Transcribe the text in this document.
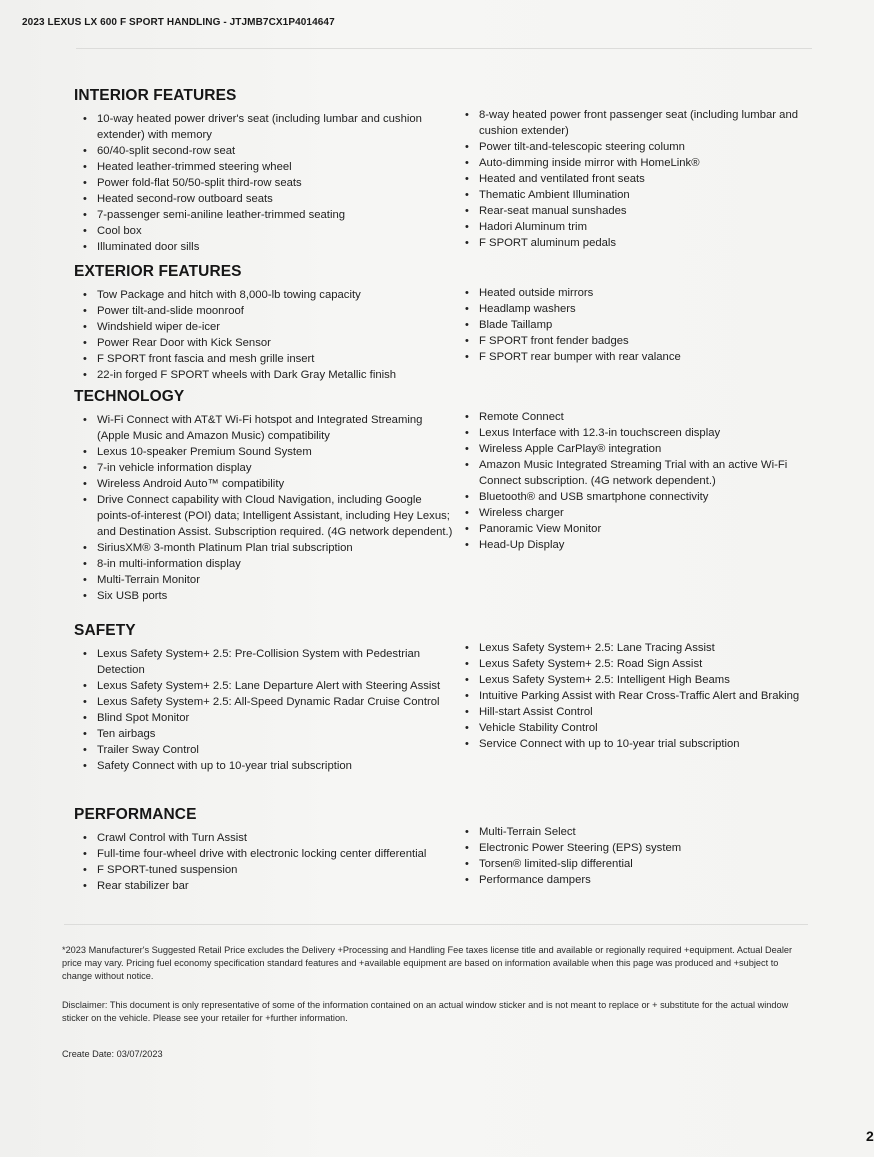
2023 LEXUS LX 600 F SPORT HANDLING - JTJMB7CX1P4014647
INTERIOR FEATURES
• 10-way heated power driver's seat (including lumbar and cushion extender) with memory
• 60/40-split second-row seat
• Heated leather-trimmed steering wheel
• Power fold-flat 50/50-split third-row seats
• Heated second-row outboard seats
• 7-passenger semi-aniline leather-trimmed seating
• Cool box
• Illuminated door sills
• 8-way heated power front passenger seat (including lumbar and cushion extender)
• Power tilt-and-telescopic steering column
• Auto-dimming inside mirror with HomeLink®
• Heated and ventilated front seats
• Thematic Ambient Illumination
• Rear-seat manual sunshades
• Hadori Aluminum trim
• F SPORT aluminum pedals
EXTERIOR FEATURES
• Tow Package and hitch with 8,000-lb towing capacity
• Power tilt-and-slide moonroof
• Windshield wiper de-icer
• Power Rear Door with Kick Sensor
• F SPORT front fascia and mesh grille insert
• 22-in forged F SPORT wheels with Dark Gray Metallic finish
• Heated outside mirrors
• Headlamp washers
• Blade Taillamp
• F SPORT front fender badges
• F SPORT rear bumper with rear valance
TECHNOLOGY
• Wi-Fi Connect with AT&T Wi-Fi hotspot and Integrated Streaming (Apple Music and Amazon Music) compatibility
• Lexus 10-speaker Premium Sound System
• 7-in vehicle information display
• Wireless Android Auto™ compatibility
• Drive Connect capability with Cloud Navigation, including Google points-of-interest (POI) data; Intelligent Assistant, including Hey Lexus; and Destination Assist. Subscription required. (4G network dependent.)
• SiriusXM® 3-month Platinum Plan trial subscription
• 8-in multi-information display
• Multi-Terrain Monitor
• Six USB ports
• Remote Connect
• Lexus Interface with 12.3-in touchscreen display
• Wireless Apple CarPlay® integration
• Amazon Music Integrated Streaming Trial with an active Wi-Fi Connect subscription. (4G network dependent.)
• Bluetooth® and USB smartphone connectivity
• Wireless charger
• Panoramic View Monitor
• Head-Up Display
SAFETY
• Lexus Safety System+ 2.5: Pre-Collision System with Pedestrian Detection
• Lexus Safety System+ 2.5: Lane Departure Alert with Steering Assist
• Lexus Safety System+ 2.5: All-Speed Dynamic Radar Cruise Control
• Blind Spot Monitor
• Ten airbags
• Trailer Sway Control
• Safety Connect with up to 10-year trial subscription
• Lexus Safety System+ 2.5: Lane Tracing Assist
• Lexus Safety System+ 2.5: Road Sign Assist
• Lexus Safety System+ 2.5: Intelligent High Beams
• Intuitive Parking Assist with Rear Cross-Traffic Alert and Braking
• Hill-start Assist Control
• Vehicle Stability Control
• Service Connect with up to 10-year trial subscription
PERFORMANCE
• Crawl Control with Turn Assist
• Full-time four-wheel drive with electronic locking center differential
• F SPORT-tuned suspension
• Rear stabilizer bar
• Multi-Terrain Select
• Electronic Power Steering (EPS) system
• Torsen® limited-slip differential
• Performance dampers

*2023 Manufacturer's Suggested Retail Price excludes the Delivery +Processing and Handling Fee taxes license title and available or regionally required +equipment. Actual Dealer price may vary. Pricing fuel economy specification standard features and +available equipment are based on information available when this page was produced and +subject to change without notice.

Disclaimer: This document is only representative of some of the information contained on an actual window sticker and is not meant to replace or + substitute for the actual window sticker on the vehicle. Please see your retailer for +further information.

Create Date: 03/07/2023

2
